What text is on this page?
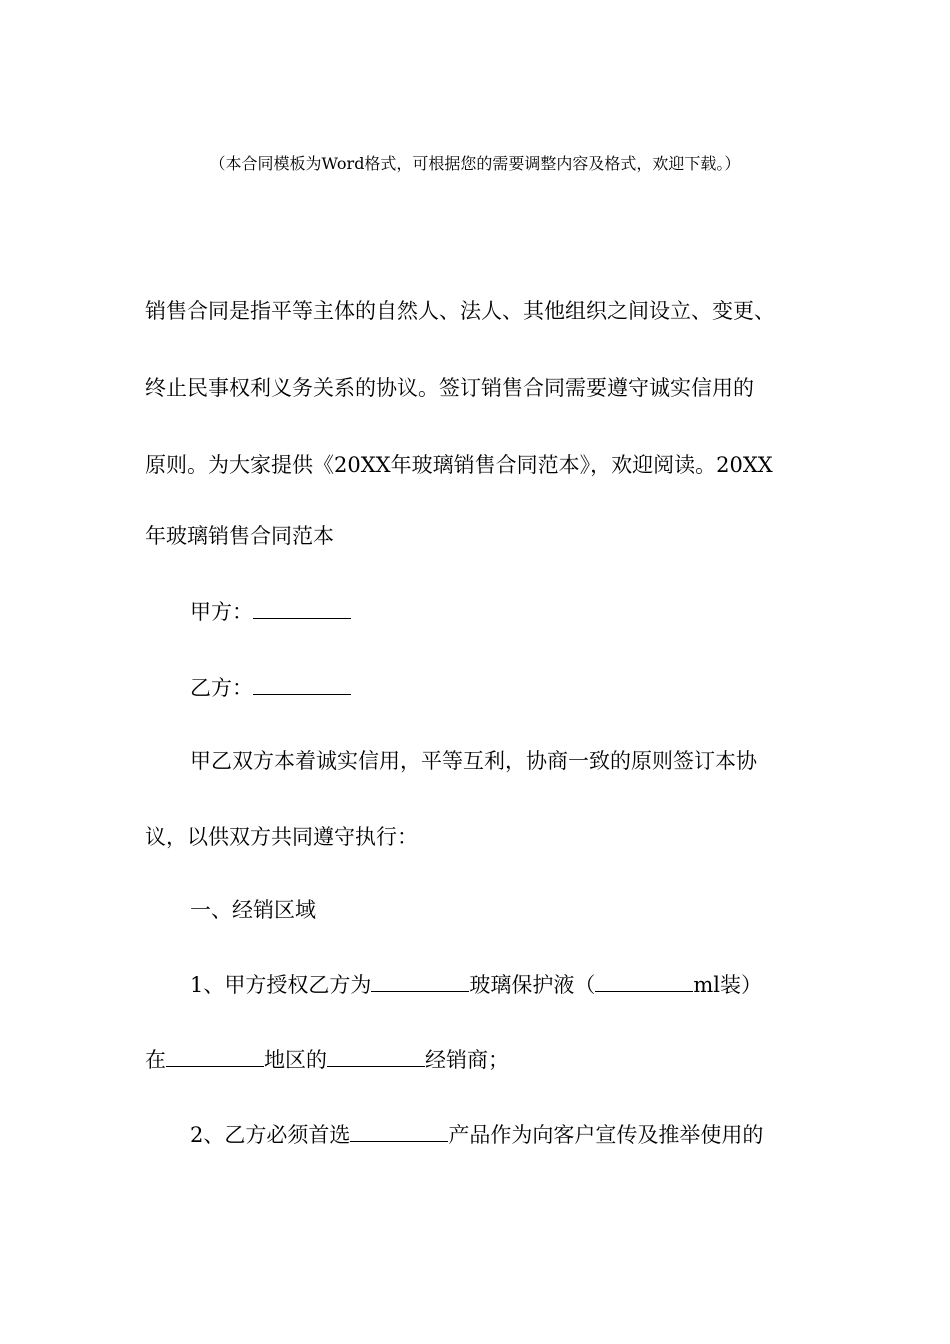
（本合同模板为Word格式，可根据您的需要调整内容及格式，欢迎下载。）
销售合同是指平等主体的自然人、法人、其他组织之间设立、变更、
终止民事权利义务关系的协议。签订销售合同需要遵守诚实信用的
原则。为大家提供《20XX年玻璃销售合同范本》，欢迎阅读。20XX
年玻璃销售合同范本
甲方：
乙方：
甲乙双方本着诚实信用，平等互利，协商一致的原则签订本协
议，以供双方共同遵守执行：
一、经销区域
1、甲方授权乙方为	玻璃保护液（	ml装）
在	地区的	经销商；
2、乙方必须首选	产品作为向客户宣传及推举使用的
